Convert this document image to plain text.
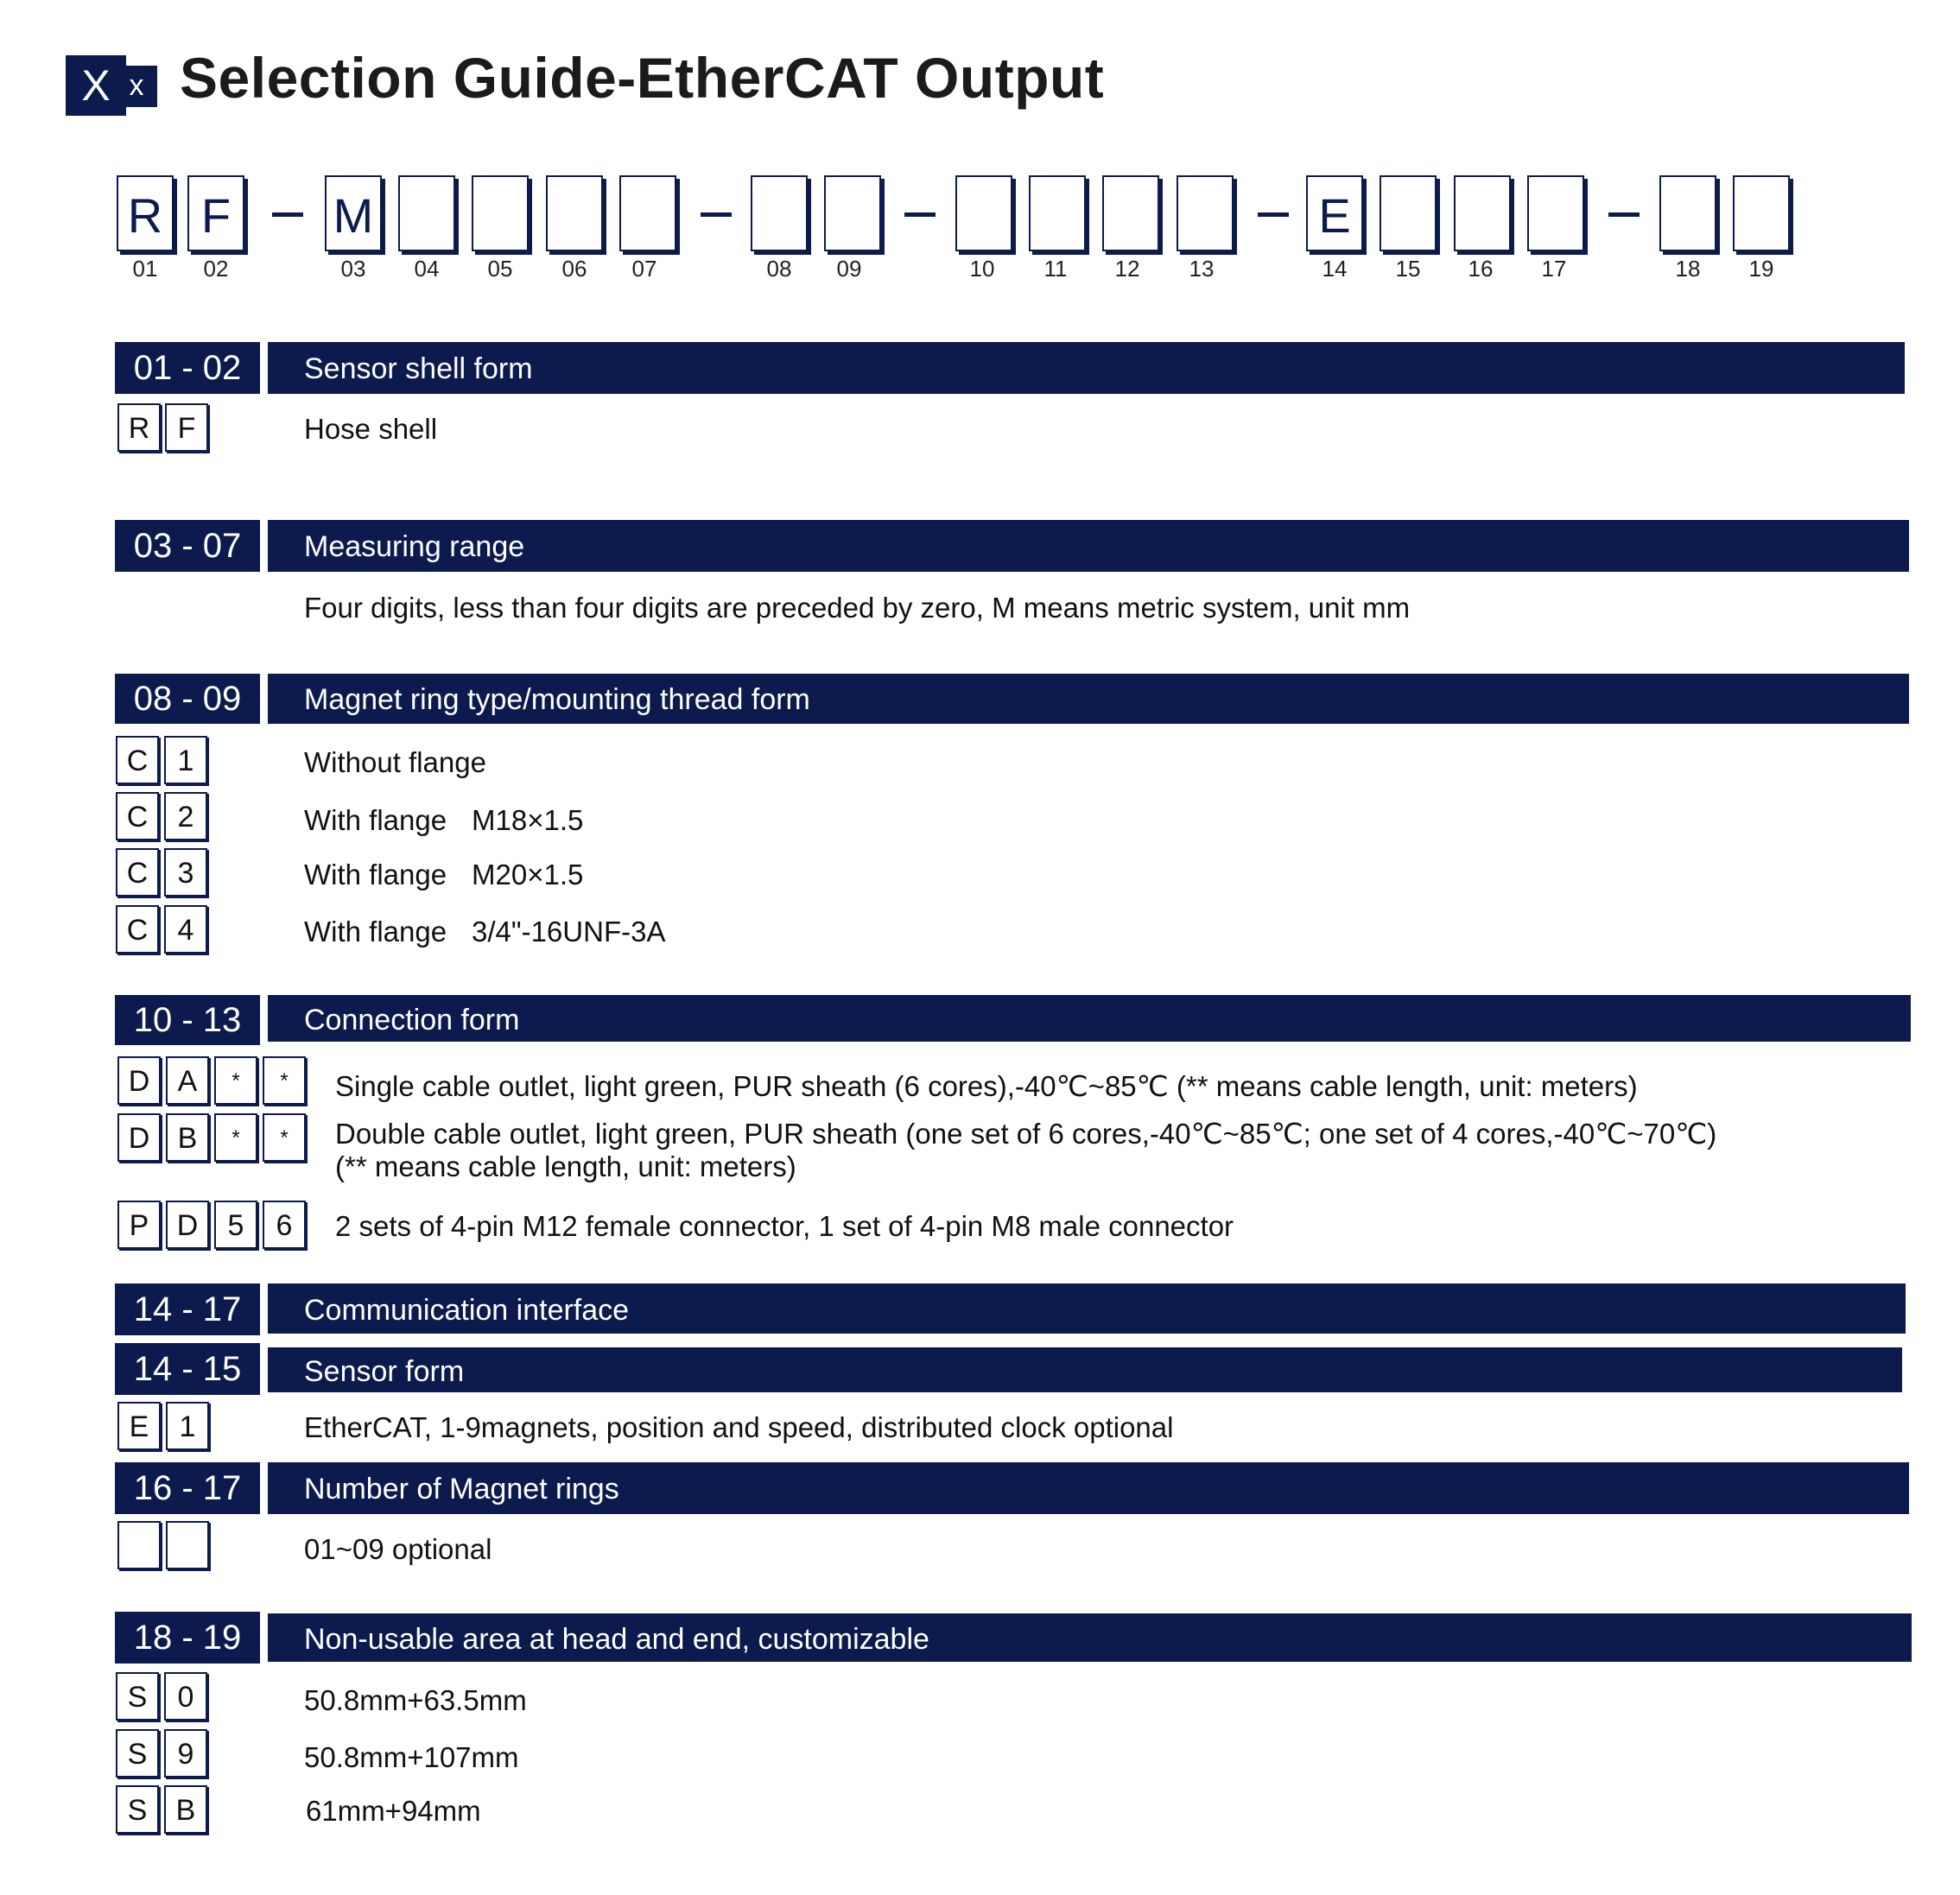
X x Selection Guide-EtherCAT Output
R F M	E
01	02	03	04	05	06	07	08	09	10	11	12	13	14	15	16	17	18	19
01 - 02	Sensor shell form
R F	Hose shell
03 - 07	Measuring range
Four digits, less than four digits are preceded by zero, M means metric system, unit mm
08 - 09	Magnet ring type/mounting thread form
C	1	Without flange
C	2	With flange M18×1.5
C	3	With flange M20×1.5
C	4	With flange 3/4"-16UNF-3A
10 - 13	Connection form
D A	*	*	Single cable outlet, light green, PUR sheath (6 cores),-40℃~85℃ (** means cable length, unit: meters)
D B	*	*	Double cable outlet, light green, PUR sheath (one set of 6 cores,-40℃~85℃; one set of 4 cores,-40℃~70℃)
(** means cable length, unit: meters)
P D	5	6	2 sets of 4-pin M12 female connector, 1 set of 4-pin M8 male connector
14 - 17	Communication interface
14 - 15	Sensor form
E	1	EtherCAT, 1-9magnets, position and speed, distributed clock optional
16 - 17	Number of Magnet rings
01~09 optional
18 - 19	Non-usable area at head and end, customizable
S	0	50.8mm+63.5mm
S	9	50.8mm+107mm
S B	61mm+94mm
